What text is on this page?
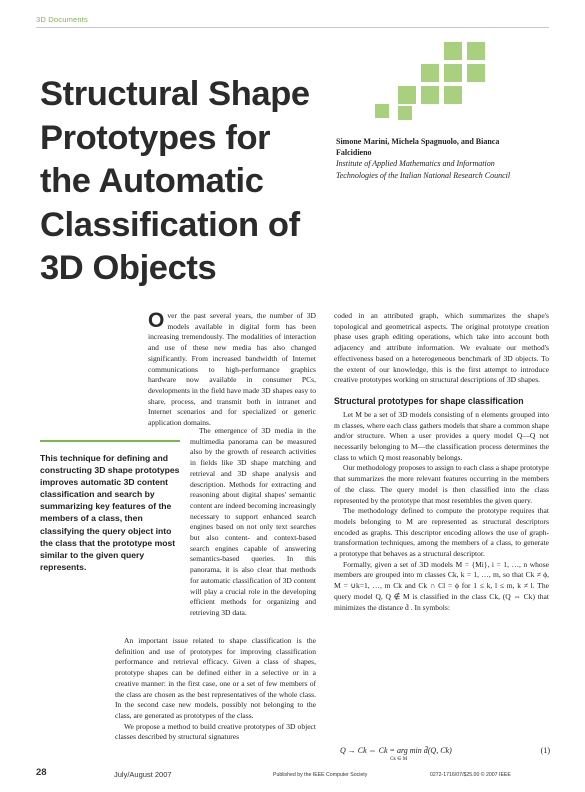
3D Documents
Structural Shape Prototypes for the Automatic Classification of 3D Objects
Simone Marini, Michela Spagnuolo, and Bianca Falcidieno
Institute of Applied Mathematics and Information Technologies of the Italian National Research Council

Over the past several years, the number of 3D models available in digital form has been increasing tremendously. The modalities of interaction and use of these new media has also changed significantly. From increased bandwidth of Internet communications to high-performance graphics hardware now available in consumer PCs, developments in the field have made 3D shapes easy to share, process, and transmit both in intranet and Internet scenarios and for specialized or generic application domains.

This technique for defining and constructing 3D shape prototypes improves automatic 3D content classification and search by summarizing key features of the members of a class, then classifying the query object into the class that the prototype most similar to the given query represents.

The emergence of 3D media in the multimedia panorama can be measured also by the growth of research activities in fields like 3D shape matching and retrieval and 3D shape analysis and description. Methods for extracting and reasoning about digital shapes' semantic content are indeed becoming increasingly necessary to support enhanced search engines based on not only text searches but also content- and context-based search engines capable of answering semantics-based queries. In this panorama, it is also clear that methods for automatic classification of 3D content will play a crucial role in the developing efficient methods for organizing and retrieving 3D data.

An important issue related to shape classification is the definition and use of prototypes for improving classification performance and retrieval efficacy. Given a class of shapes, prototype shapes can be defined either in a selective or in a creative manner: in the first case, one or a set of few members of the class are chosen as the best representatives of the whole class. In the second case new models, possibly not belonging to the class, are generated as prototypes of the class.

We propose a method to build creative prototypes of 3D object classes described by structural signatures

coded in an attributed graph, which summarizes the shape's topological and geometrical aspects. The original prototype creation phase uses graph editing operations, which take into account both adjacency and attribute information. We evaluate our method's effectiveness based on a heterogeneous benchmark of 3D objects. To the extent of our knowledge, this is the first attempt to introduce creative prototypes working on structural descriptions of 3D shapes.

Structural prototypes for shape classification

Let M be a set of 3D models consisting of n elements grouped into m classes, where each class gathers models that share a common shape and/or structure. When a user provides a query model Q—Q not necessarily belonging to M—the classification process determines the class to which Q most reasonably belongs.

Our methodology proposes to assign to each class a shape prototype that summarizes the more relevant features occurring in the members of the class. The query model is then classified into the class represented by the prototype that most resembles the given query.

The methodology defined to compute the prototype requires that models belonging to M are represented as structural descriptors encoded as graphs. This descriptor encoding allows the use of graph-transformation techniques, among the members of a class, to generate a prototype that behaves as a structural descriptor.

Formally, given a set of 3D models M = {Mi}, i = 1, …, n whose members are grouped into m classes Ck, k = 1, …, m, so that Ck ≠ ϕ, M = ∪k=1, …, m Ck and Ck ∩ Cl = ϕ for 1 ≤ k, l ≤ m, k ≠ l. The query model Q, Q ∉ M is classified in the class Ck, (Q ⇔ Ck) that minimizes the distance d̄ . In symbols:

Q → Ck ⇔ Ck = arg min d̄(Q, Ck)	(1)
Ck ∈ M
28	July/August 2007	Published by the IEEE Computer Society	0272-1716/07/$25.00 © 2007 IEEE
